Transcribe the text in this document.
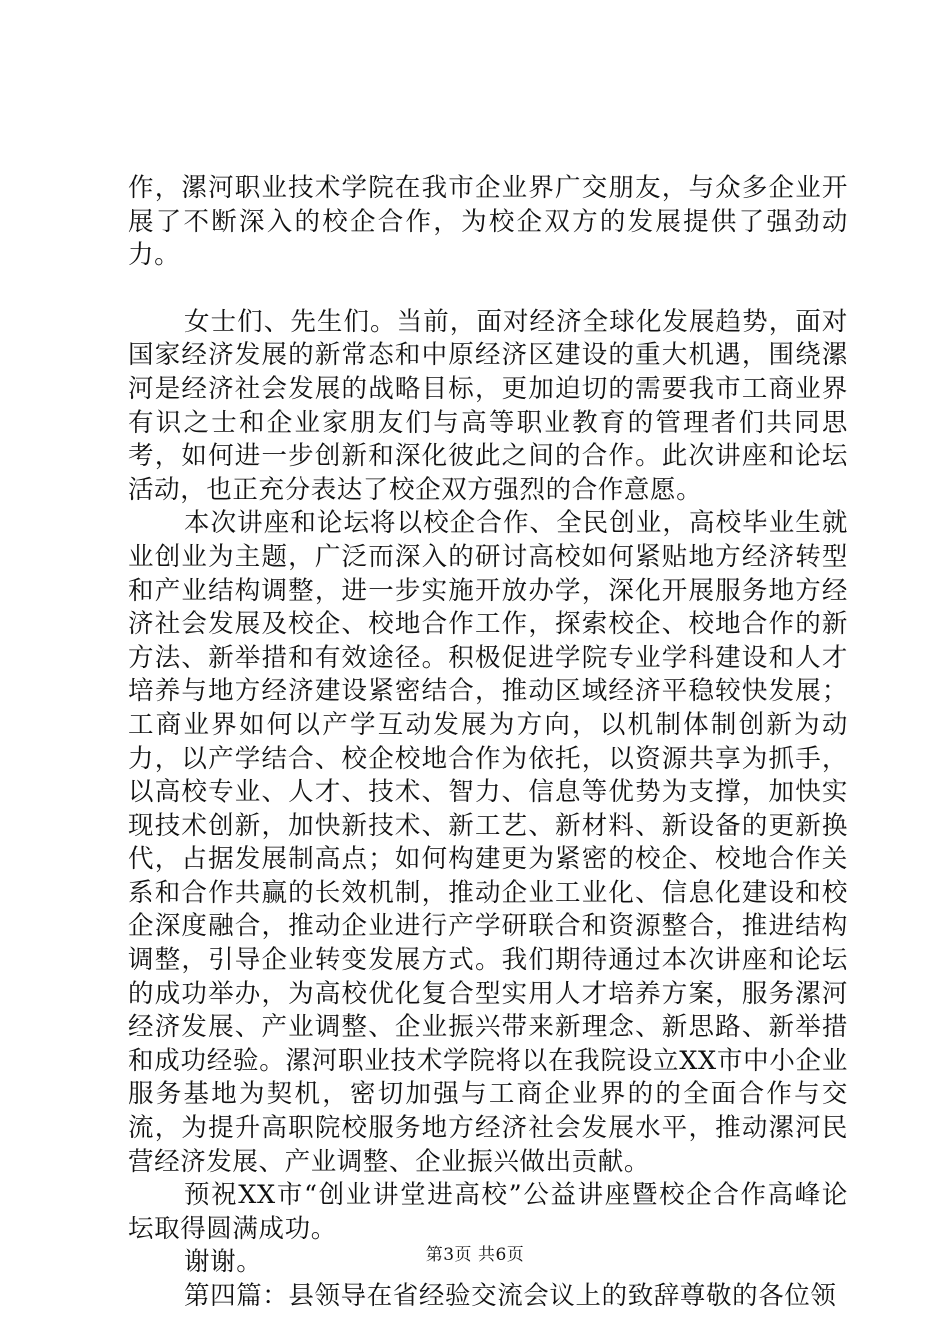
作，漯河职业技术学院在我市企业界广交朋友，与众多企业开展了不断深入的校企合作，为校企双方的发展提供了强劲动力。

女士们、先生们。当前，面对经济全球化发展趋势，面对国家经济发展的新常态和中原经济区建设的重大机遇，围绕漯河是经济社会发展的战略目标，更加迫切的需要我市工商业界有识之士和企业家朋友们与高等职业教育的管理者们共同思考，如何进一步创新和深化彼此之间的合作。此次讲座和论坛活动，也正充分表达了校企双方强烈的合作意愿。

本次讲座和论坛将以校企合作、全民创业，高校毕业生就业创业为主题，广泛而深入的研讨高校如何紧贴地方经济转型和产业结构调整，进一步实施开放办学，深化开展服务地方经济社会发展及校企、校地合作工作，探索校企、校地合作的新方法、新举措和有效途径。积极促进学院专业学科建设和人才培养与地方经济建设紧密结合，推动区域经济平稳较快发展；工商业界如何以产学互动发展为方向，以机制体制创新为动力，以产学结合、校企校地合作为依托，以资源共享为抓手，以高校专业、人才、技术、智力、信息等优势为支撑，加快实现技术创新，加快新技术、新工艺、新材料、新设备的更新换代，占据发展制高点；如何构建更为紧密的校企、校地合作关系和合作共赢的长效机制，推动企业工业化、信息化建设和校企深度融合，推动企业进行产学研联合和资源整合，推进结构调整，引导企业转变发展方式。我们期待通过本次讲座和论坛的成功举办，为高校优化复合型实用人才培养方案，服务漯河经济发展、产业调整、企业振兴带来新理念、新思路、新举措和成功经验。漯河职业技术学院将以在我院设立XX市中小企业服务基地为契机，密切加强与工商企业界的的全面合作与交流，为提升高职院校服务地方经济社会发展水平，推动漯河民营经济发展、产业调整、企业振兴做出贡献。

预祝XX市“创业讲堂进高校”公益讲座暨校企合作高峰论坛取得圆满成功。

谢谢。

第四篇：县领导在省经验交流会议上的致辞尊敬的各位领

第3页 共6页
